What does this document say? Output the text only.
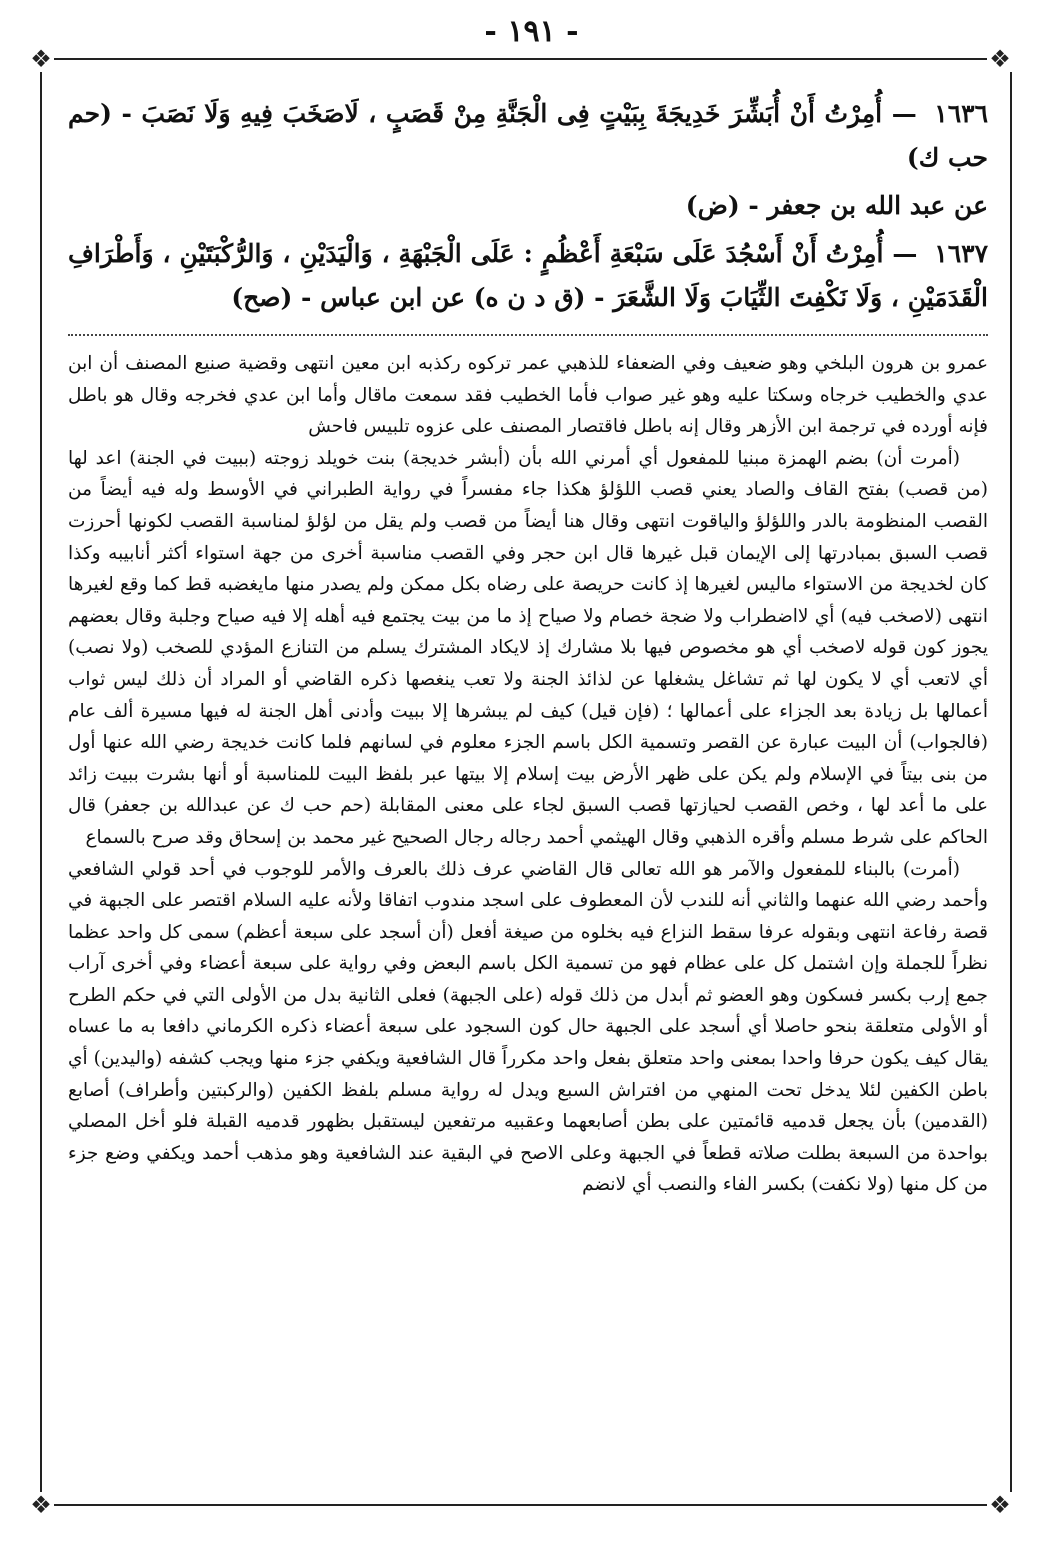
- ١٩١ -
❖	❖
❖	❖
١٦٣٦ — أُمِرْتُ أَنْ أُبَشِّرَ خَدِيجَةَ بِبَيْتٍ فِى الْجَنَّةِ مِنْ قَصَبٍ ، لَاصَخَبَ فِيهِ وَلَا نَصَبَ - (حم حب ك)
عن عبد الله بن جعفر - (ض)
١٦٣٧ — أُمِرْتُ أَنْ أَسْجُدَ عَلَى سَبْعَةِ أَعْظُمٍ : عَلَى الْجَبْهَةِ ، وَالْيَدَيْنِ ، وَالرُّكْبَتَيْنِ ، وَأَطْرَافِ الْقَدَمَيْنِ ، وَلَا نَكْفِتَ الثِّيَابَ وَلَا الشَّعَرَ - (ق د ن ه) عن ابن عباس - (صح)

عمرو بن هرون البلخي وهو ضعيف وفي الضعفاء للذهبي عمر تركوه ركذبه ابن معين انتهى وقضية صنيع المصنف أن ابن عدي والخطيب خرجاه وسكتا عليه وهو غير صواب فأما الخطيب فقد سمعت ماقال وأما ابن عدي فخرجه وقال هو باطل فإنه أورده في ترجمة ابن الأزهر وقال إنه باطل فاقتصار المصنف على عزوه تلبيس فاحش

(أمرت أن) بضم الهمزة مبنيا للمفعول أي أمرني الله بأن (أبشر خديجة) بنت خويلد زوجته (ببيت في الجنة) اعد لها (من قصب) بفتح القاف والصاد يعني قصب اللؤلؤ هكذا جاء مفسراً في رواية الطبراني في الأوسط وله فيه أيضاً من القصب المنظومة بالدر واللؤلؤ والياقوت انتهى وقال هنا أيضاً من قصب ولم يقل من لؤلؤ لمناسبة القصب لكونها أحرزت قصب السبق بمبادرتها إلى الإيمان قبل غيرها قال ابن حجر وفي القصب مناسبة أخرى من جهة استواء أكثر أنابيبه وكذا كان لخديجة من الاستواء ماليس لغيرها إذ كانت حريصة على رضاه بكل ممكن ولم يصدر منها مايغضبه قط كما وقع لغيرها انتهى (لاصخب فيه) أي لااضطراب ولا ضجة خصام ولا صياح إذ ما من بيت يجتمع فيه أهله إلا فيه صياح وجلبة وقال بعضهم يجوز كون قوله لاصخب أي هو مخصوص فيها بلا مشارك إذ لايكاد المشترك يسلم من التنازع المؤدي للصخب (ولا نصب) أي لاتعب أي لا يكون لها ثم تشاغل يشغلها عن لذائذ الجنة ولا تعب ينغصها ذكره القاضي أو المراد أن ذلك ليس ثواب أعمالها بل زيادة بعد الجزاء على أعمالها ؛ (فإن قيل) كيف لم يبشرها إلا ببيت وأدنى أهل الجنة له فيها مسيرة ألف عام (فالجواب) أن البيت عبارة عن القصر وتسمية الكل باسم الجزء معلوم في لسانهم فلما كانت خديجة رضي الله عنها أول من بنى بيتاً في الإسلام ولم يكن على ظهر الأرض بيت إسلام إلا بيتها عبر بلفظ البيت للمناسبة أو أنها بشرت ببيت زائد على ما أعد لها ، وخص القصب لحيازتها قصب السبق لجاء على معنى المقابلة (حم حب ك عن عبدالله بن جعفر) قال الحاكم على شرط مسلم وأقره الذهبي وقال الهيثمي أحمد رجاله رجال الصحيح غير محمد بن إسحاق وقد صرح بالسماع

(أمرت) بالبناء للمفعول والآمر هو الله تعالى قال القاضي عرف ذلك بالعرف والأمر للوجوب في أحد قولي الشافعي وأحمد رضي الله عنهما والثاني أنه للندب لأن المعطوف على اسجد مندوب اتفاقا ولأنه عليه السلام اقتصر على الجبهة في قصة رفاعة انتهى وبقوله عرفا سقط النزاع فيه بخلوه من صيغة أفعل (أن أسجد على سبعة أعظم) سمى كل واحد عظما نظراً للجملة وإن اشتمل كل على عظام فهو من تسمية الكل باسم البعض وفي رواية على سبعة أعضاء وفي أخرى آراب جمع إرب بكسر فسكون وهو العضو ثم أبدل من ذلك قوله (على الجبهة) فعلى الثانية بدل من الأولى التي في حكم الطرح أو الأولى متعلقة بنحو حاصلا أي أسجد على الجبهة حال كون السجود على سبعة أعضاء ذكره الكرماني دافعا به ما عساه يقال كيف يكون حرفا واحدا بمعنى واحد متعلق بفعل واحد مكرراً قال الشافعية ويكفي جزء منها ويجب كشفه (واليدين) أي باطن الكفين لئلا يدخل تحت المنهي من افتراش السبع ويدل له رواية مسلم بلفظ الكفين (والركبتين وأطراف) أصابع (القدمين) بأن يجعل قدميه قائمتين على بطن أصابعهما وعقبيه مرتفعين ليستقبل بظهور قدميه القبلة فلو أخل المصلي بواحدة من السبعة بطلت صلاته قطعاً في الجبهة وعلى الاصح في البقية عند الشافعية وهو مذهب أحمد ويكفي وضع جزء من كل منها (ولا نكفت) بكسر الفاء والنصب أي لانضم
